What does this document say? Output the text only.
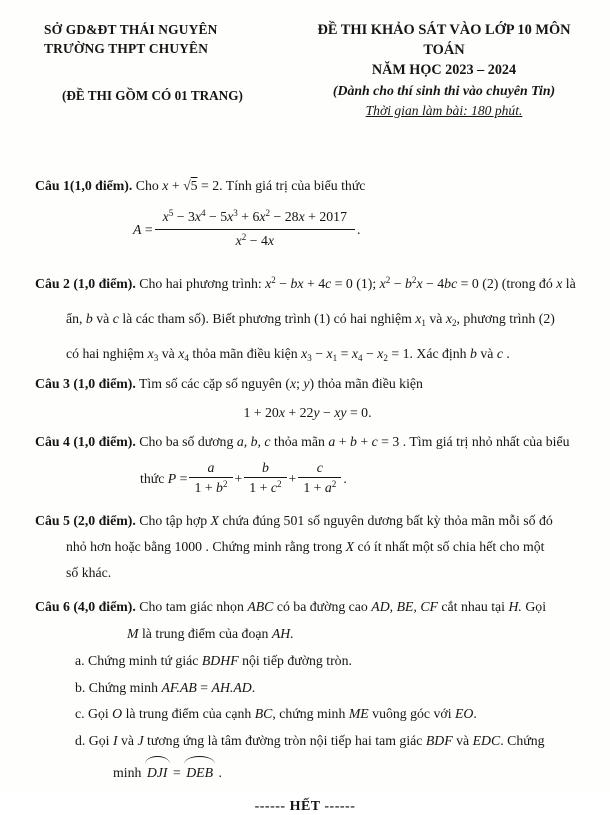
SỞ GD&ĐT THÁI NGUYÊN
TRƯỜNG THPT CHUYÊN
(ĐỀ THI GỒM CÓ 01 TRANG)
ĐỀ THI KHẢO SÁT VÀO LỚP 10 MÔN TOÁN
NĂM HỌC 2023 – 2024
(Dành cho thí sinh thi vào chuyên Tin)
Thời gian làm bài: 180 phút.
Câu 1(1,0 điểm). Cho x + √5 = 2. Tính giá trị của biểu thức
$A = \frac{x^5 - 3x^4 - 5x^3 + 6x^2 - 28x + 2017}{x^2 - 4x}$ .
Câu 2 (1,0 điểm). Cho hai phương trình: $x^2$ − bx + 4c = 0 (1); $x^2 - b^2x - 4bc = 0$ (2) (trong đó x là
ẩn, b và c là các tham số). Biết phương trình (1) có hai nghiệm x1 và x2, phương trình (2)
có hai nghiệm x3 và x4 thỏa mãn điều kiện x3 − x1 = x4 − x2 = 1. Xác định b và c .
Câu 3 (1,0 điểm). Tìm số các cặp số nguyên (x; y) thỏa mãn điều kiện
1 + 20x + 22y − xy = 0.
Câu 4 (1,0 điểm). Cho ba số dương a, b, c thỏa mãn a + b + c = 3 . Tìm giá trị nhỏ nhất của biểu
thức $P = \frac{a}{1 + b^2} + \frac{b}{1 + c^2} + \frac{c}{1 + a^2}$ .
Câu 5 (2,0 điểm). Cho tập hợp X chứa đúng 501 số nguyên dương bất kỳ thỏa mãn mỗi số đó
nhỏ hơn hoặc bằng 1000 . Chứng minh rằng trong X có ít nhất một số chia hết cho một
số khác.
Câu 6 (4,0 điểm). Cho tam giác nhọn ABC có ba đường cao AD, BE, CF cắt nhau tại H. Gọi
M là trung điểm của đoạn AH.
a. Chứng minh tứ giác BDHF nội tiếp đường tròn.
b. Chứng minh AF.AB = AH.AD.
c. Gọi O là trung điểm của cạnh BC, chứng minh ME vuông góc với EO.
d. Gọi I và J tương ứng là tâm đường tròn nội tiếp hai tam giác BDF và EDC. Chứng
minh DJI = DEB .
------ HẾT ------
